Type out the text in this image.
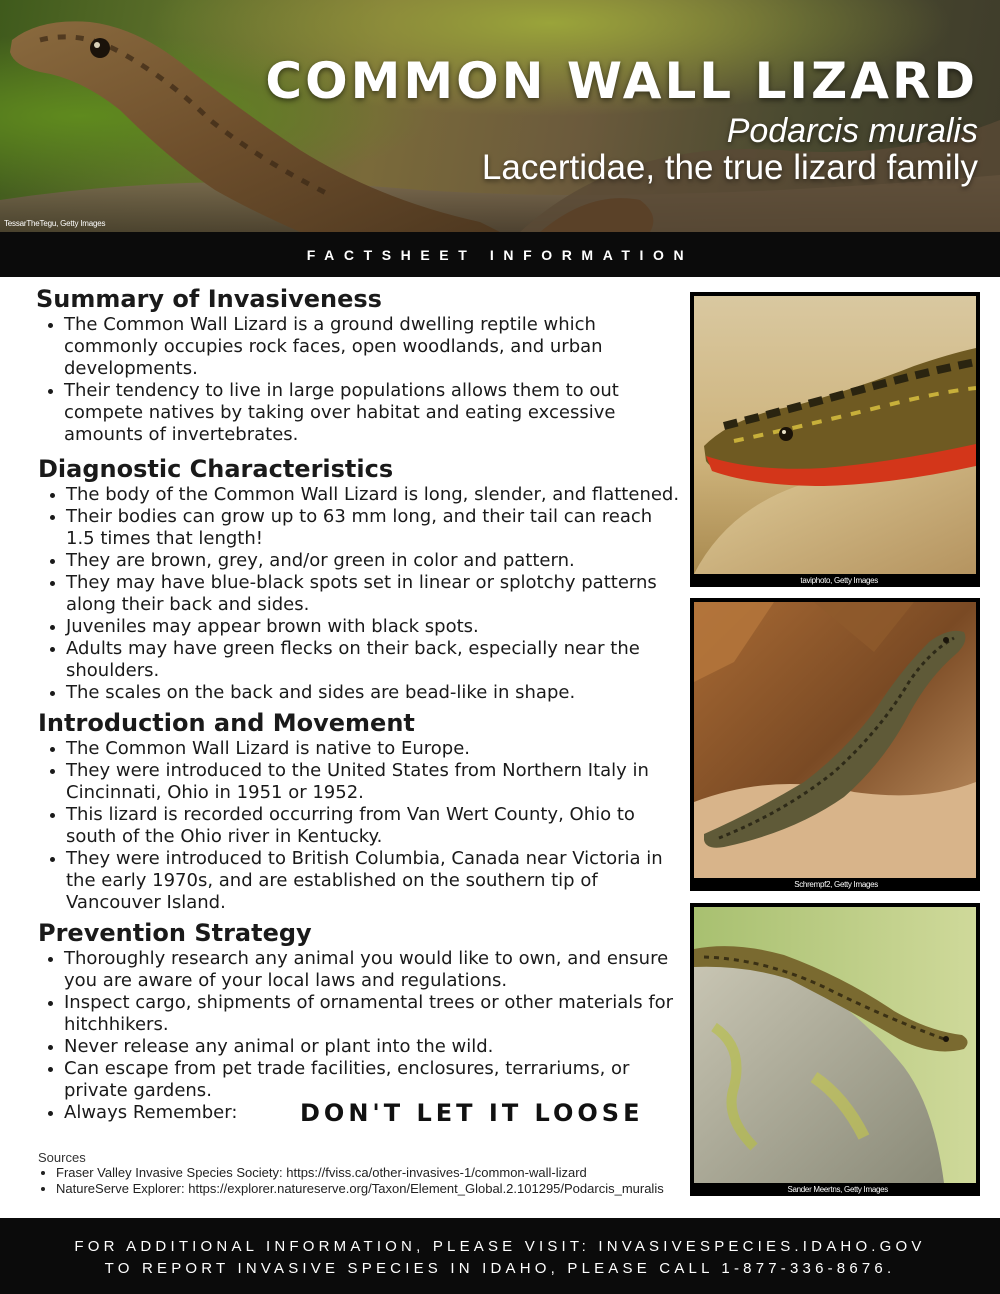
COMMON WALL LIZARD
Podarcis muralis
Lacertidae, the true lizard family
TessarTheTegu, Getty Images
FACTSHEET INFORMATION
Summary of Invasiveness
• The Common Wall Lizard is a ground dwelling reptile which commonly occupies rock faces, open woodlands, and urban developments.
• Their tendency to live in large populations allows them to out compete natives by taking over habitat and eating excessive amounts of invertebrates.
Diagnostic Characteristics
• The body of the Common Wall Lizard is long, slender, and flattened.
• Their bodies can grow up to 63 mm long, and their tail can reach 1.5 times that length!
• They are brown, grey, and/or green in color and pattern.
• They may have blue-black spots set in linear or splotchy patterns along their back and sides.
• Juveniles may appear brown with black spots.
• Adults may have green flecks on their back, especially near the shoulders.
• The scales on the back and sides are bead-like in shape.
Introduction and Movement
• The Common Wall Lizard is native to Europe.
• They were introduced to the United States from Northern Italy in Cincinnati, Ohio in 1951 or 1952.
• This lizard is recorded occurring from Van Wert County, Ohio to south of the Ohio river in Kentucky.
• They were introduced to British Columbia, Canada near Victoria in the early 1970s, and are established on the southern tip of Vancouver Island.
Prevention Strategy
• Thoroughly research any animal you would like to own, and ensure you are aware of your local laws and regulations.
• Inspect cargo, shipments of ornamental trees or other materials for hitchhikers.
• Never release any animal or plant into the wild.
• Can escape from pet trade facilities, enclosures, terrariums, or private gardens.
• Always Remember:	DON'T LET IT LOOSE

Sources

• Fraser Valley Invasive Species Society: https://fviss.ca/other-invasives-1/common-wall-lizard
• NatureServe Explorer: https://explorer.natureserve.org/Taxon/Element_Global.2.101295/Podarcis_muralis
taviphoto, Getty Images
Schrempf2, Getty Images
Sander Meertns, Getty Images
FOR ADDITIONAL INFORMATION, PLEASE VISIT: INVASIVESPECIES.IDAHO.GOV
TO REPORT INVASIVE SPECIES IN IDAHO, PLEASE CALL 1-877-336-8676.
